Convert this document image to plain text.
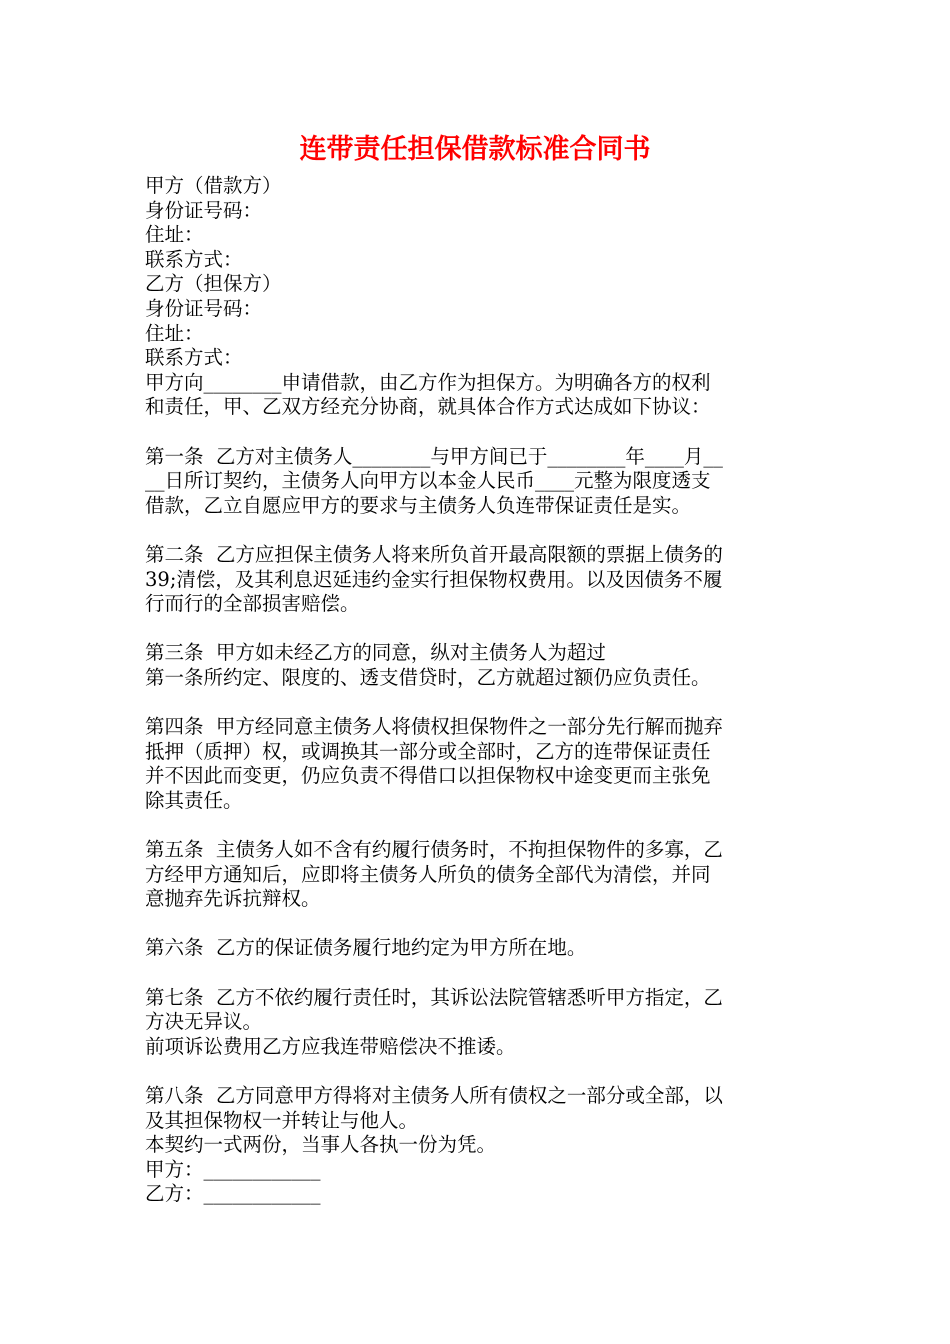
连带责任担保借款标准合同书
甲方（借款方）
身份证号码：
住址：
联系方式：
乙方（担保方）
身份证号码：
住址：
联系方式：
甲方向________申请借款，由乙方作为担保方。为明确各方的权利
和责任，甲、乙双方经充分协商，就具体合作方式达成如下协议：
第一条  乙方对主债务人________与甲方间已于________年____月__
__日所订契约，主债务人向甲方以本金人民币____元整为限度透支
借款，乙立自愿应甲方的要求与主债务人负连带保证责任是实。
第二条  乙方应担保主债务人将来所负首开最高限额的票据上债务的
39;清偿，及其利息迟延违约金实行担保物权费用。以及因债务不履
行而行的全部损害赔偿。
第三条  甲方如未经乙方的同意，纵对主债务人为超过
第一条所约定、限度的、透支借贷时，乙方就超过额仍应负责任。
第四条  甲方经同意主债务人将债权担保物件之一部分先行解而抛弃
抵押（质押）权，或调换其一部分或全部时，乙方的连带保证责任
并不因此而变更，仍应负责不得借口以担保物权中途变更而主张免
除其责任。
第五条  主债务人如不含有约履行债务时，不拘担保物件的多寡，乙
方经甲方通知后，应即将主债务人所负的债务全部代为清偿，并同
意抛弃先诉抗辩权。
第六条  乙方的保证债务履行地约定为甲方所在地。
第七条  乙方不依约履行责任时，其诉讼法院管辖悉听甲方指定，乙
方决无异议。
前项诉讼费用乙方应我连带赔偿决不推诿。
第八条  乙方同意甲方得将对主债务人所有债权之一部分或全部，以
及其担保物权一并转让与他人。
本契约一式两份，当事人各执一份为凭。
甲方：____________
乙方：____________
